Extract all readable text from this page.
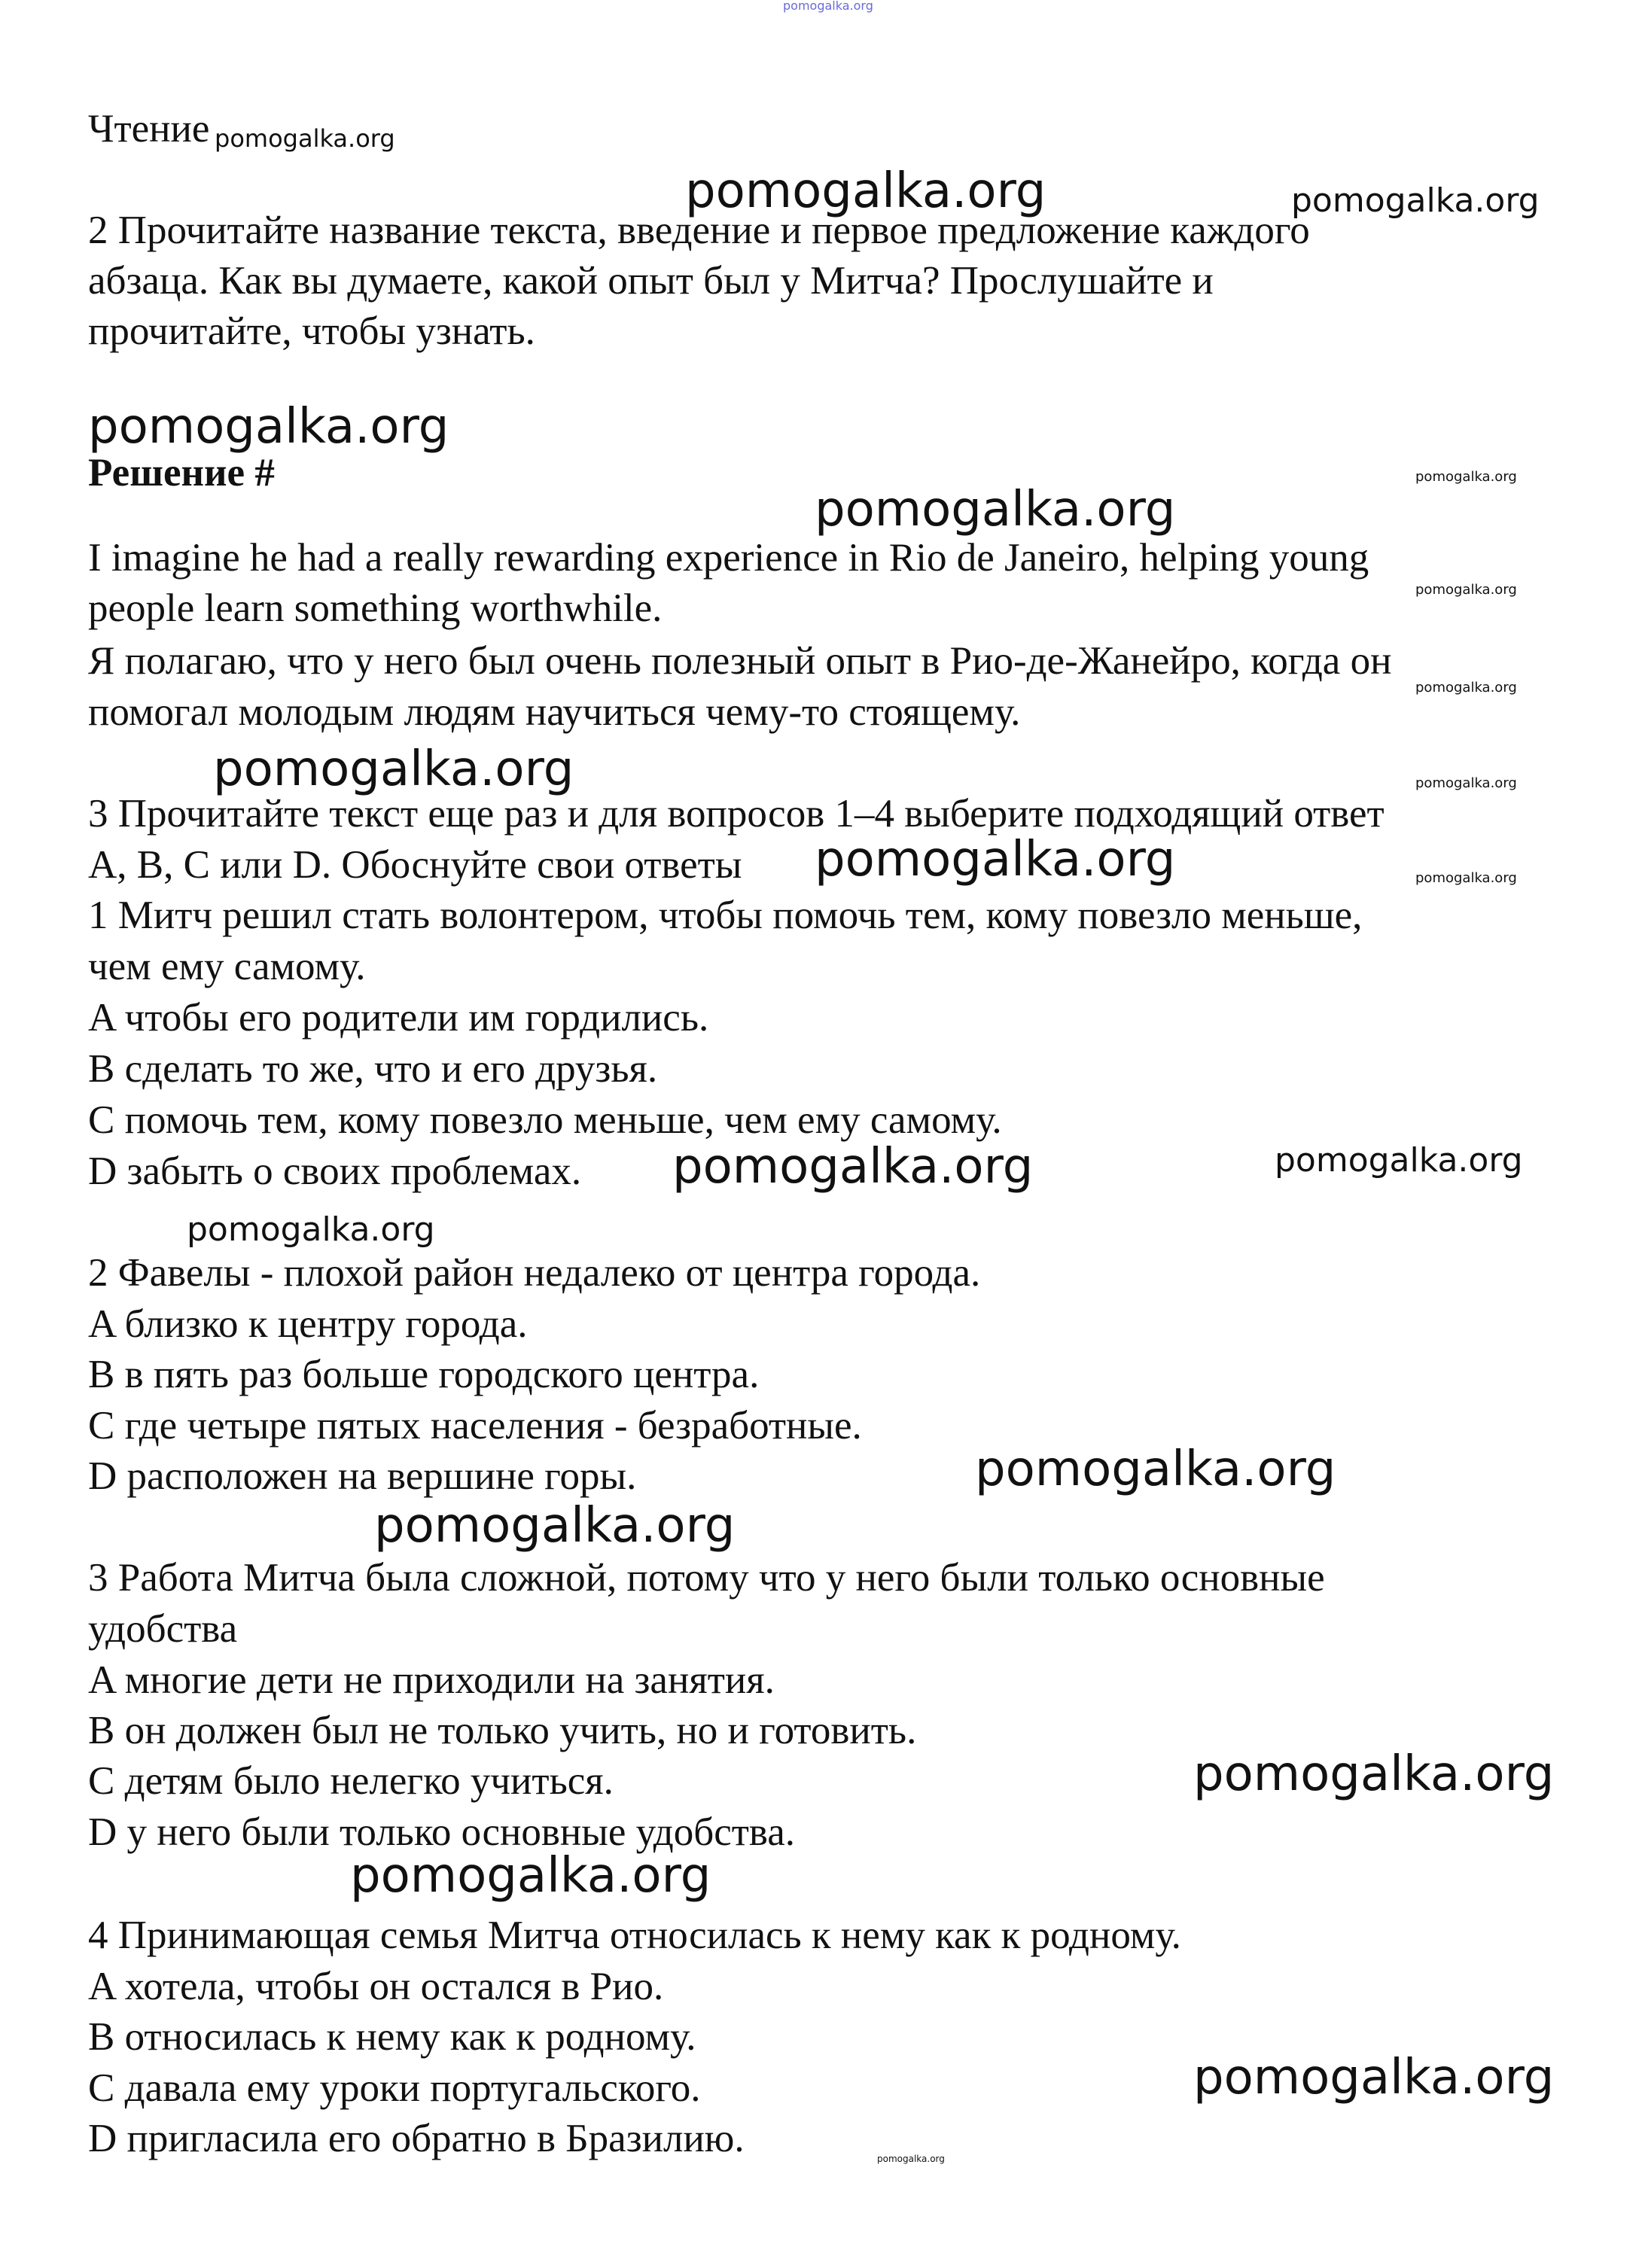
pomogalka.org
pomogalka.org
pomogalka.org	pomogalka.org
pomogalka.org
pomogalka.org
pomogalka.org
pomogalka.org
pomogalka.org
pomogalka.org	pomogalka.org
pomogalka.org	pomogalka.org
pomogalka.org	pomogalka.org
pomogalka.org
pomogalka.org
pomogalka.org
pomogalka.org
pomogalka.org
pomogalka.org
pomogalka.org
Чтение
2 Прочитайте название текста, введение и первое предложение каждого
абзаца. Как вы думаете, какой опыт был у Митча? Прослушайте и
прочитайте, чтобы узнать.
Решение #
I imagine he had a really rewarding experience in Rio de Janeiro, helping young
people learn something worthwhile.
Я полагаю, что у него был очень полезный опыт в Рио-де-Жанейро, когда он
помогал молодым людям научиться чему-то стоящему.
3 Прочитайте текст еще раз и для вопросов 1–4 выберите подходящий ответ
A, B, C или D. Обоснуйте свои ответы
1 Митч решил стать волонтером, чтобы помочь тем, кому повезло меньше,
чем ему самому.
A чтобы его родители им гордились.
B сделать то же, что и его друзья.
C помочь тем, кому повезло меньше, чем ему самому.
D забыть о своих проблемах.
2 Фавелы - плохой район недалеко от центра города.
A близко к центру города.
B в пять раз больше городского центра.
C где четыре пятых населения - безработные.
D расположен на вершине горы.
3 Работа Митча была сложной, потому что у него были только основные
удобства
A многие дети не приходили на занятия.
B он должен был не только учить, но и готовить.
C детям было нелегко учиться.
D у него были только основные удобства.
4 Принимающая семья Митча относилась к нему как к родному.
A хотела, чтобы он остался в Рио.
B относилась к нему как к родному.
C давала ему уроки португальского.
D пригласила его обратно в Бразилию.
